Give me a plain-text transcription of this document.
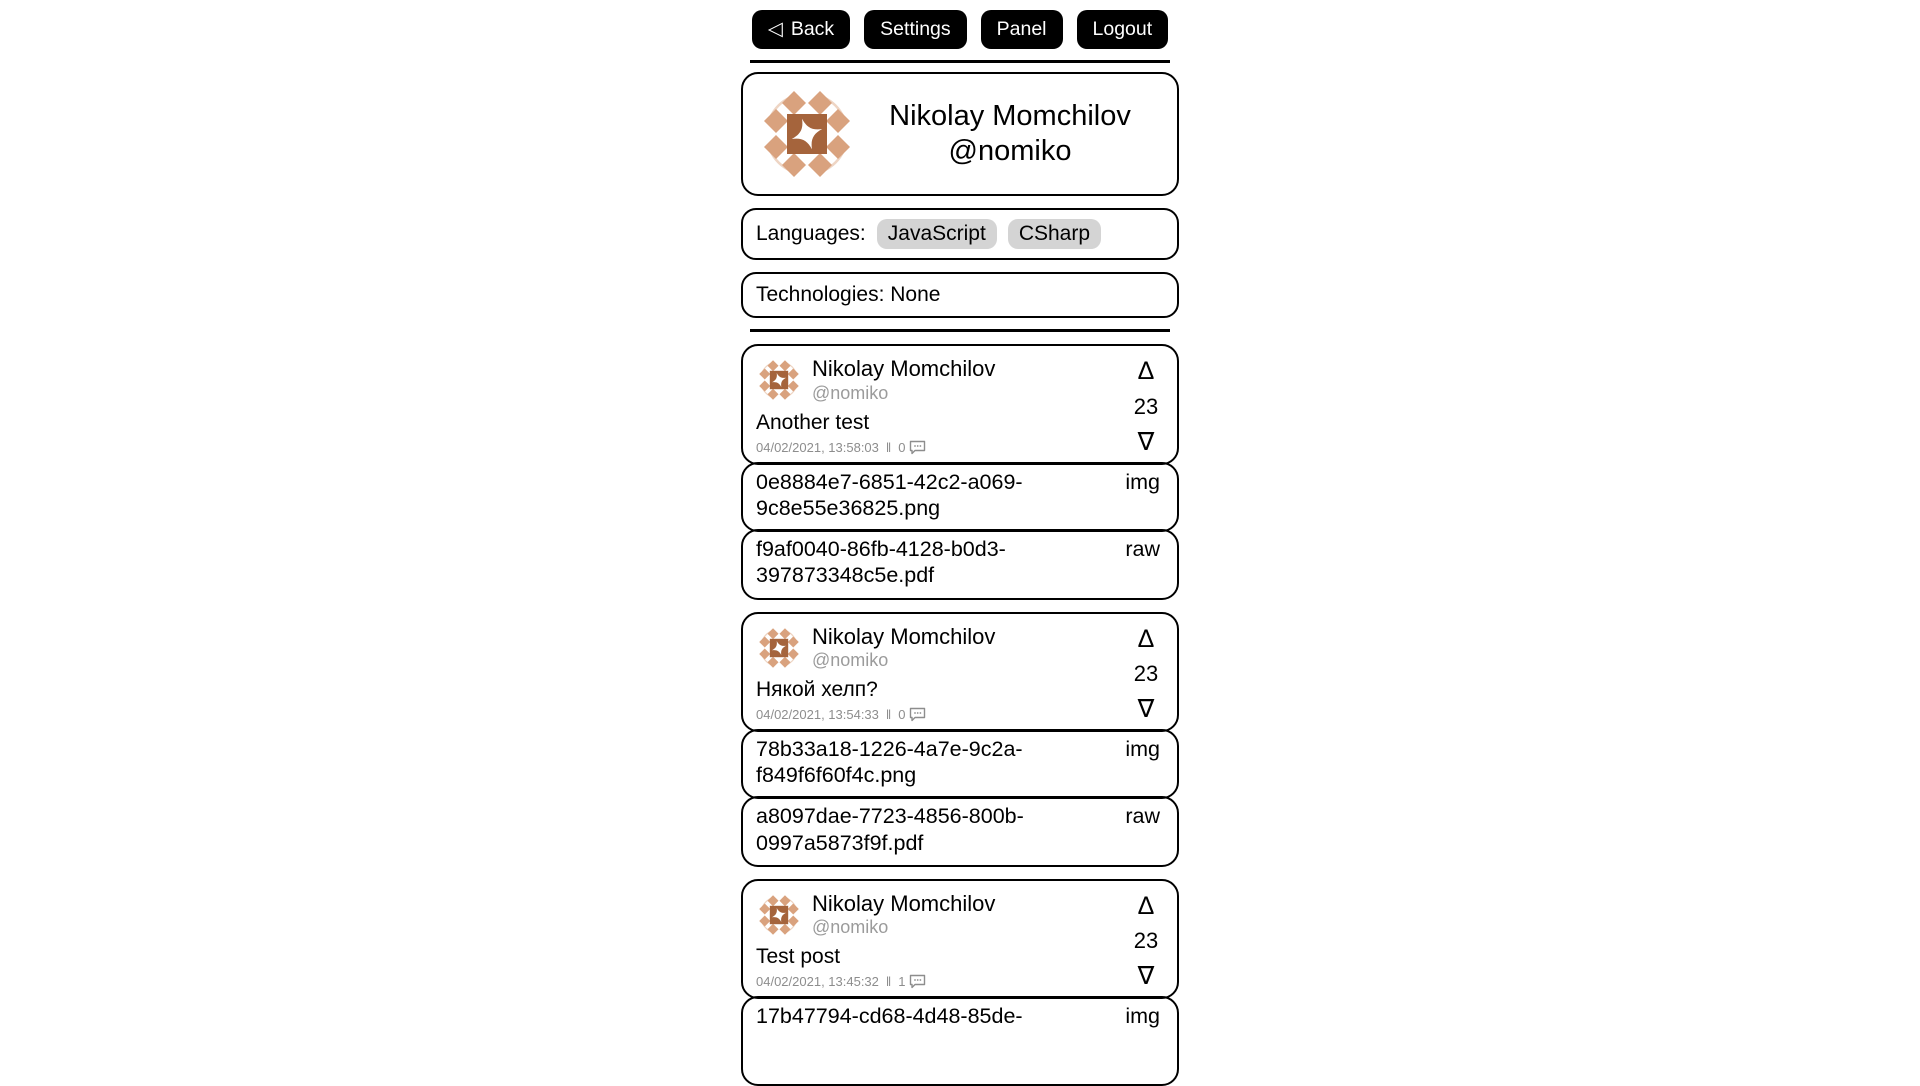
◁ Back Settings Panel Logout
Nikolay Momchilov
@nomiko
Languages:	JavaScript	CSharp
Technologies: None
Nikolay Momchilov
@nomiko
Another test
04/02/2021, 13:58:03 ‖ 0
Δ
23
∇
0e8884e7-6851-42c2-a069-9c8e55e36825.png
img
f9af0040-86fb-4128-b0d3-397873348c5e.pdf
raw
Nikolay Momchilov
@nomiko
Някой хелп?
04/02/2021, 13:54:33 ‖ 0
Δ
23
∇
78b33a18-1226-4a7e-9c2a-f849f6f60f4c.png
img
a8097dae-7723-4856-800b-0997a5873f9f.pdf
raw
Nikolay Momchilov
@nomiko
Test post
04/02/2021, 13:45:32 ‖ 1
Δ
23
∇
17b47794-cd68-4d48-85de-	img
